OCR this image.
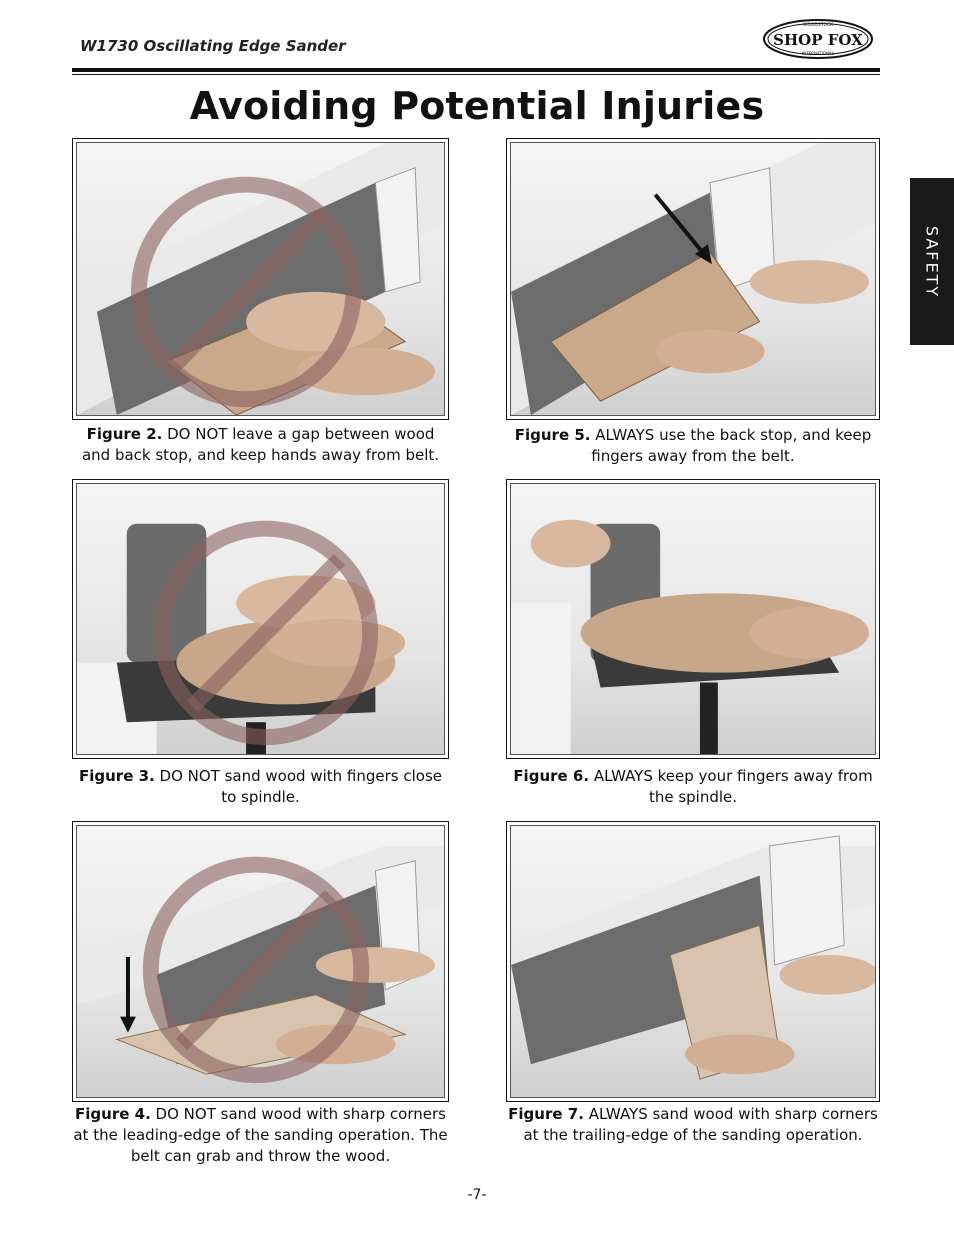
W1730 Oscillating Edge Sander
WOODSTOCK
SHOP FOX
INTERNATIONAL
Avoiding Potential Injuries
SAFETY
Figure 2. DO NOT leave a gap between wood and back stop, and keep hands away from belt.
Figure 5. ALWAYS use the back stop, and keep fingers away from the belt.
Figure 3. DO NOT sand wood with fingers close to spindle.
Figure 6. ALWAYS keep your fingers away from the spindle.
Figure 4. DO NOT sand wood with sharp corners at the leading-edge of the sanding operation. The belt can grab and throw the wood.
Figure 7. ALWAYS sand wood with sharp corners at the trailing-edge of the sanding operation.
-7-
